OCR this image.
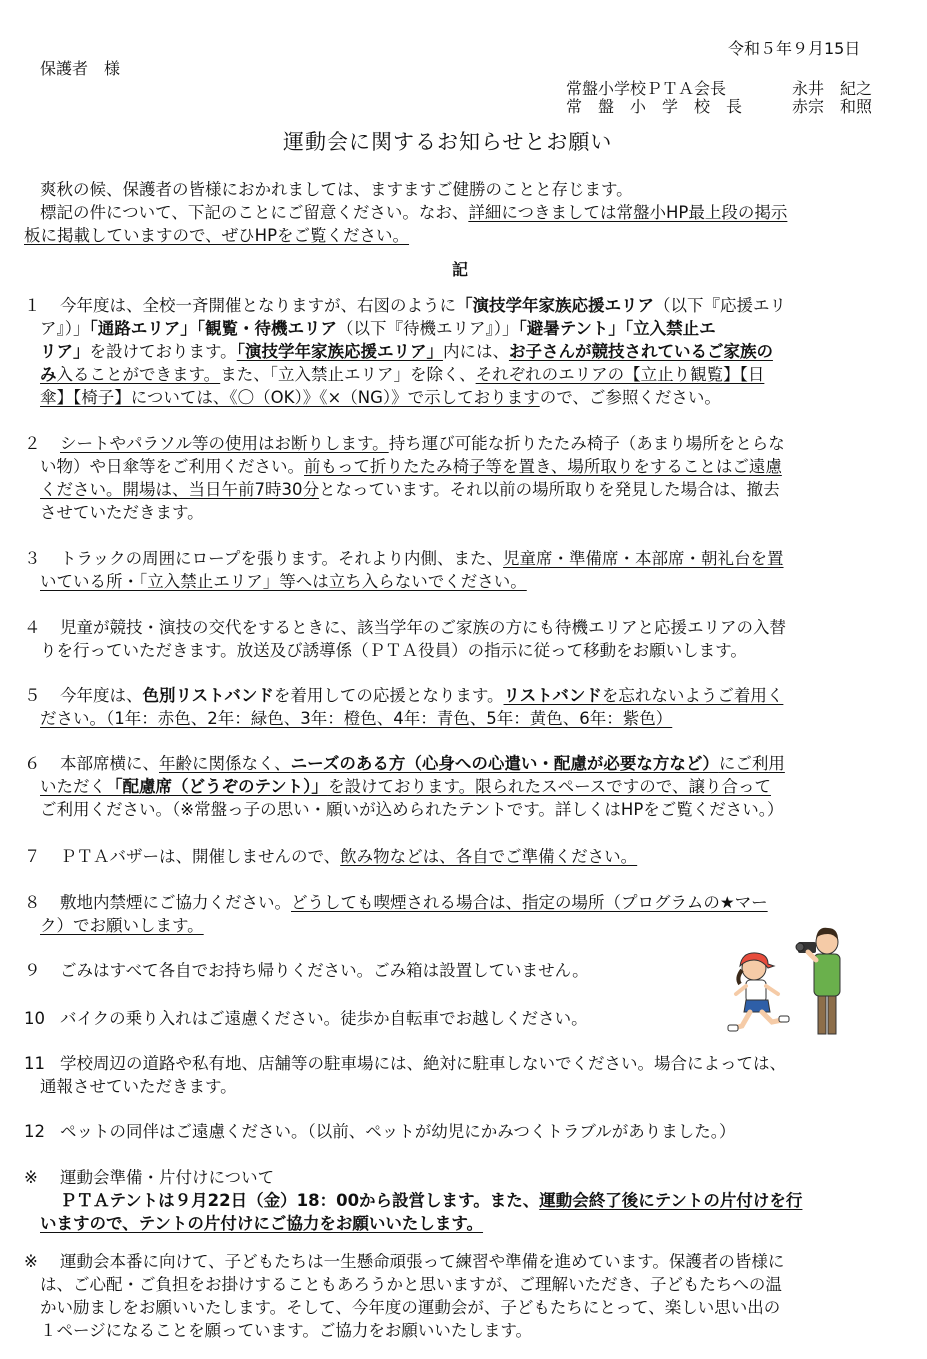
令和５年９月15日
保護者　様
常盤小学校ＰＴＡ会長	永井　紀之
常　盤　小　学　校　長	赤宗　和照
運動会に関するお知らせとお願い
爽秋の候、保護者の皆様におかれましては、ますますご健勝のことと存じます。
標記の件について、下記のことにご留意ください。なお、詳細につきましては常盤小HP最上段の掲示
板に掲載していますので、ぜひHPをご覧ください。
記
１ 今年度は、全校一斉開催となりますが、右図のように「演技学年家族応援エリア（以下『応援エリ
ア』）」「通路エリア」「観覧・待機エリア（以下『待機エリア』）」「避暑テント」「立入禁止エ
リア」を設けております。「演技学年家族応援エリア」内には、お子さんが競技されているご家族の
み入ることができます。また、「立入禁止エリア」を除く、それぞれのエリアの【立止り観覧】【日
傘】【椅子】については、《〇（OK）》《×（NG）》で示しておりますので、ご参照ください。
２ シートやパラソル等の使用はお断りします。持ち運び可能な折りたたみ椅子（あまり場所をとらな
い物）や日傘等をご利用ください。前もって折りたたみ椅子等を置き、場所取りをすることはご遠慮
ください。開場は、当日午前7時30分となっています。それ以前の場所取りを発見した場合は、撤去
させていただきます。
３ トラックの周囲にロープを張ります。それより内側、また、児童席・準備席・本部席・朝礼台を置
いている所・「立入禁止エリア」等へは立ち入らないでください。
４ 児童が競技・演技の交代をするときに、該当学年のご家族の方にも待機エリアと応援エリアの入替
りを行っていただきます。放送及び誘導係（ＰＴＡ役員）の指示に従って移動をお願いします。
５ 今年度は、色別リストバンドを着用しての応援となります。リストバンドを忘れないようご着用く
ださい。（1年：赤色、2年：緑色、3年：橙色、4年：青色、5年：黄色、6年：紫色）
６ 本部席横に、年齢に関係なく、ニーズのある方（心身への心遣い・配慮が必要な方など）にご利用
いただく「配慮席（どうぞのテント）」を設けております。限られたスペースですので、譲り合って
ご利用ください。（※常盤っ子の思い・願いが込められたテントです。詳しくはHPをご覧ください。）
７ ＰＴＡバザーは、開催しませんので、飲み物などは、各自でご準備ください。
８ 敷地内禁煙にご協力ください。どうしても喫煙される場合は、指定の場所（プログラムの★マー
ク）でお願いします。
９ ごみはすべて各自でお持ち帰りください。ごみ箱は設置していません。
10 バイクの乗り入れはご遠慮ください。徒歩か自転車でお越しください。
11 学校周辺の道路や私有地、店舗等の駐車場には、絶対に駐車しないでください。場合によっては、
通報させていただきます。
12 ペットの同伴はご遠慮ください。（以前、ペットが幼児にかみつくトラブルがありました。）
※ 運動会準備・片付けについて
ＰＴＡテントは９月22日（金）18：00から設営します。また、運動会終了後にテントの片付けを行
いますので、テントの片付けにご協力をお願いいたします。
※ 運動会本番に向けて、子どもたちは一生懸命頑張って練習や準備を進めています。保護者の皆様に
は、ご心配・ご負担をお掛けすることもあろうかと思いますが、ご理解いただき、子どもたちへの温
かい励ましをお願いいたします。そして、今年度の運動会が、子どもたちにとって、楽しい思い出の
１ページになることを願っています。ご協力をお願いいたします。
